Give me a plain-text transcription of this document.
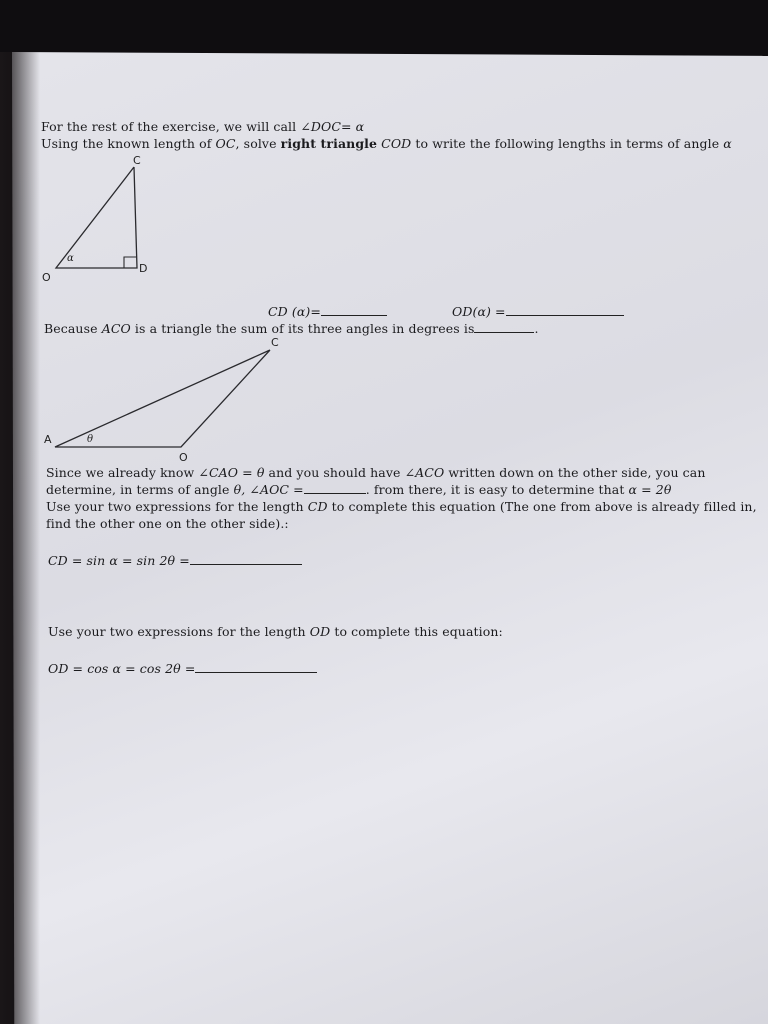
For the rest of the exercise, we will call ∠DOC= α
Using the known length of OC, solve right triangle COD to write the following lengths in terms of angle α
C
O
D
α
CD (α)=	OD(α) =
Because ACO is a triangle the sum of its three angles in degrees is	.
C
A
O
θ
Since we already know ∠CAO = θ and you should have ∠ACO written down on the other side, you can
determine, in terms of angle θ, ∠AOC =	. from there, it is easy to determine that α = 2θ
Use your two expressions for the length CD to complete this equation (The one from above is already filled in,
find the other one on the other side).:
CD = sin α = sin 2θ =
Use your two expressions for the length OD to complete this equation:
OD = cos α = cos 2θ =
